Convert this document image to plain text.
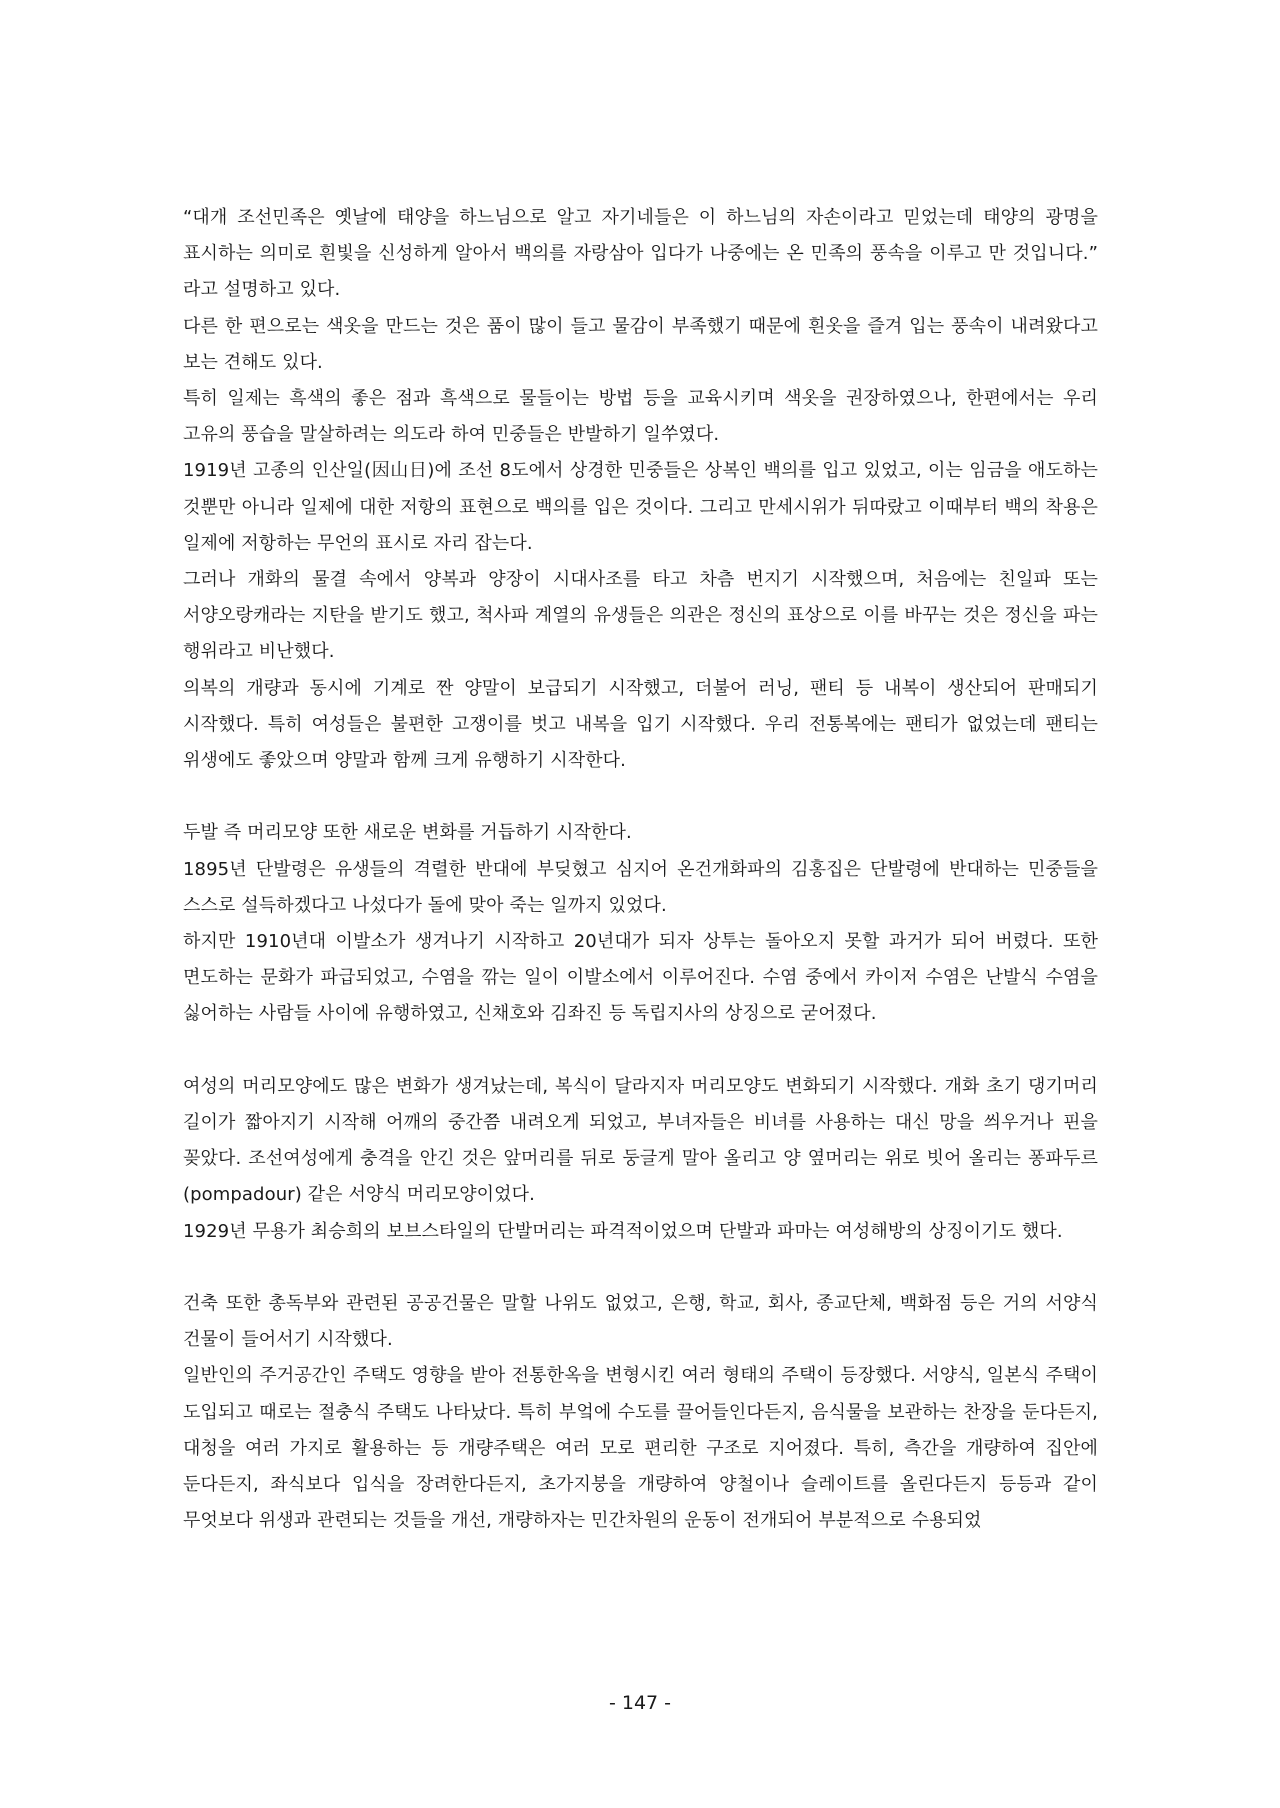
“대개 조선민족은 옛날에 태양을 하느님으로 알고 자기네들은 이 하느님의 자손이라고 믿었는데 태양의 광명을 표시하는 의미로 흰빛을 신성하게 알아서 백의를 자랑삼아 입다가 나중에는 온 민족의 풍속을 이루고 만 것입니다.” 라고 설명하고 있다.

다른 한 편으로는 색옷을 만드는 것은 품이 많이 들고 물감이 부족했기 때문에 흰옷을 즐겨 입는 풍속이 내려왔다고 보는 견해도 있다.

특히 일제는 흑색의 좋은 점과 흑색으로 물들이는 방법 등을 교육시키며 색옷을 권장하였으나, 한편에서는 우리 고유의 풍습을 말살하려는 의도라 하여 민중들은 반발하기 일쑤였다.

1919년 고종의 인산일(因山日)에 조선 8도에서 상경한 민중들은 상복인 백의를 입고 있었고, 이는 임금을 애도하는 것뿐만 아니라 일제에 대한 저항의 표현으로 백의를 입은 것이다. 그리고 만세시위가 뒤따랐고 이때부터 백의 착용은 일제에 저항하는 무언의 표시로 자리 잡는다.

그러나 개화의 물결 속에서 양복과 양장이 시대사조를 타고 차츰 번지기 시작했으며, 처음에는 친일파 또는 서양오랑캐라는 지탄을 받기도 했고, 척사파 계열의 유생들은 의관은 정신의 표상으로 이를 바꾸는 것은 정신을 파는 행위라고 비난했다.

의복의 개량과 동시에 기계로 짠 양말이 보급되기 시작했고, 더불어 러닝, 팬티 등 내복이 생산되어 판매되기 시작했다. 특히 여성들은 불편한 고쟁이를 벗고 내복을 입기 시작했다. 우리 전통복에는 팬티가 없었는데 팬티는 위생에도 좋았으며 양말과 함께 크게 유행하기 시작한다.

두발 즉 머리모양 또한 새로운 변화를 거듭하기 시작한다.

1895년 단발령은 유생들의 격렬한 반대에 부딪혔고 심지어 온건개화파의 김홍집은 단발령에 반대하는 민중들을 스스로 설득하겠다고 나섰다가 돌에 맞아 죽는 일까지 있었다.

하지만 1910년대 이발소가 생겨나기 시작하고 20년대가 되자 상투는 돌아오지 못할 과거가 되어 버렸다. 또한 면도하는 문화가 파급되었고, 수염을 깎는 일이 이발소에서 이루어진다. 수염 중에서 카이저 수염은 난발식 수염을 싫어하는 사람들 사이에 유행하였고, 신채호와 김좌진 등 독립지사의 상징으로 굳어졌다.

여성의 머리모양에도 많은 변화가 생겨났는데, 복식이 달라지자 머리모양도 변화되기 시작했다. 개화 초기 댕기머리 길이가 짧아지기 시작해 어깨의 중간쯤 내려오게 되었고, 부녀자들은 비녀를 사용하는 대신 망을 씌우거나 핀을 꽂았다. 조선여성에게 충격을 안긴 것은 앞머리를 뒤로 둥글게 말아 올리고 양 옆머리는 위로 빗어 올리는 퐁파두르(pompadour) 같은 서양식 머리모양이었다.

1929년 무용가 최승희의 보브스타일의 단발머리는 파격적이었으며 단발과 파마는 여성해방의 상징이기도 했다.

건축 또한 총독부와 관련된 공공건물은 말할 나위도 없었고, 은행, 학교, 회사, 종교단체, 백화점 등은 거의 서양식 건물이 들어서기 시작했다.

일반인의 주거공간인 주택도 영향을 받아 전통한옥을 변형시킨 여러 형태의 주택이 등장했다. 서양식, 일본식 주택이 도입되고 때로는 절충식 주택도 나타났다. 특히 부엌에 수도를 끌어들인다든지, 음식물을 보관하는 찬장을 둔다든지, 대청을 여러 가지로 활용하는 등 개량주택은 여러 모로 편리한 구조로 지어졌다. 특히, 측간을 개량하여 집안에 둔다든지, 좌식보다 입식을 장려한다든지, 초가지붕을 개량하여 양철이나 슬레이트를 올린다든지 등등과 같이 무엇보다 위생과 관련되는 것들을 개선, 개량하자는 민간차원의 운동이 전개되어 부분적으로 수용되었

- 147 -
